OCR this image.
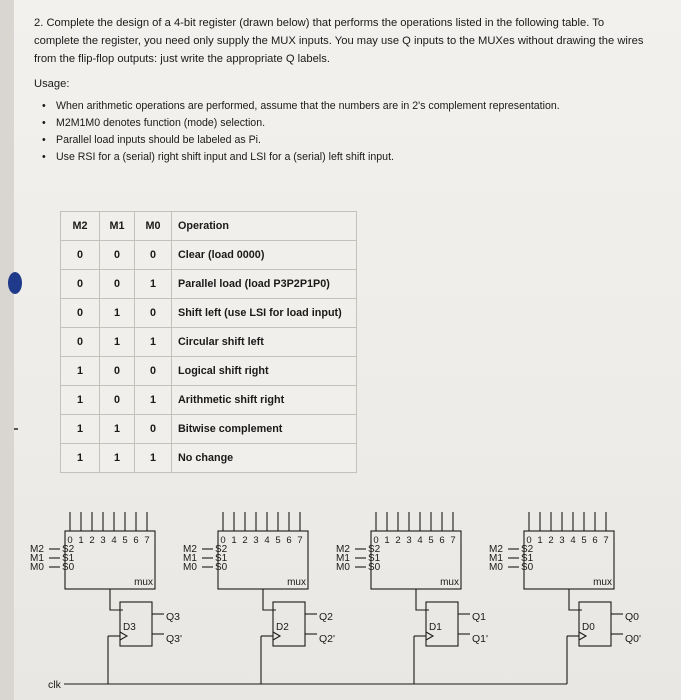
2. Complete the design of a 4-bit register (drawn below) that performs the operations listed in the following table. To complete the register, you need only supply the MUX inputs. You may use Q inputs to the MUXes without drawing the wires from the flip-flop outputs: just write the appropriate Q labels.
Usage:
• When arithmetic operations are performed, assume that the numbers are in 2's complement representation.
• M2M1M0 denotes function (mode) selection.
• Parallel load inputs should be labeled as Pi.
• Use RSI for a (serial) right shift input and LSI for a (serial) left shift input.
M2	M1	M0	Operation
0	0	0	Clear (load 0000)
0	0	1	Parallel load (load P3P2P1P0)
0	1	0	Shift left (use LSI for load input)
0	1	1	Circular shift left
1	0	0	Logical shift right
1	0	1	Arithmetic shift right
1	1	0	Bitwise complement
1	1	1	No change
M2 S2
M1 S1
M0 S0
0 1 2 3 4 5 6 7
mux
D3
Q3
Q3'
M2 S2
M1 S1
M0 S0
0 1 2 3 4 5 6 7
mux
D2
Q2
Q2'
M2 S2
M1 S1
M0 S0
0 1 2 3 4 5 6 7
mux
D1
Q1
Q1'
M2 S2
M1 S1
M0 S0
0 1 2 3 4 5 6 7
mux
D0
Q0
Q0'
clk
